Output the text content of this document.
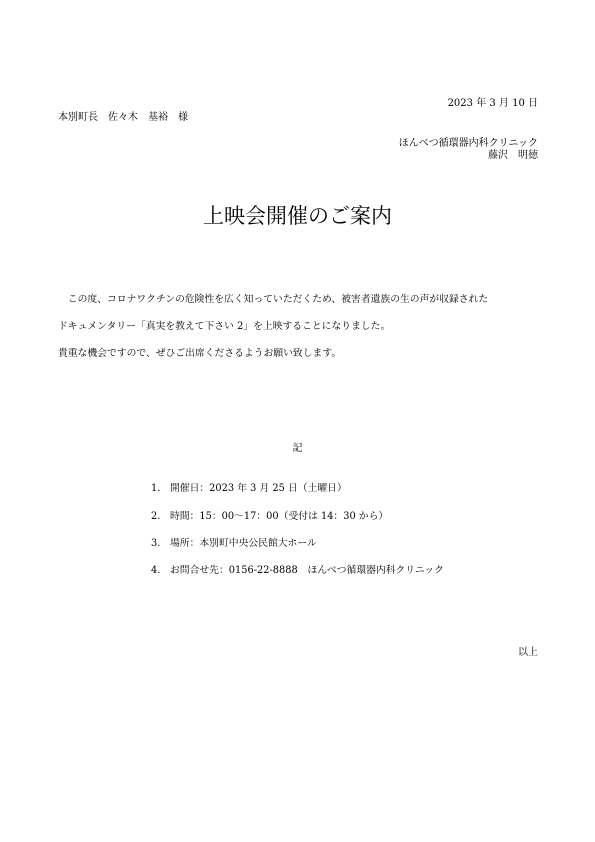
2023 年 3 月 10 日
本別町長　佐々木　基裕　様
ほんべつ循環器内科クリニック
藤沢　明徳
上映会開催のご案内
　この度、コロナワクチンの危険性を広く知っていただくため、被害者遺族の生の声が収録された
ドキュメンタリー「真実を教えて下さい 2」を上映することになりました。
貴重な機会ですので、ぜひご出席くださるようお願い致します。
記
1. 開催日：2023 年 3 月 25 日（土曜日）
2. 時間：15：00～17：00（受付は 14：30 から）
3. 場所：本別町中央公民館大ホール
4. お問合せ先：0156-22-8888　ほんべつ循環器内科クリニック
以上
